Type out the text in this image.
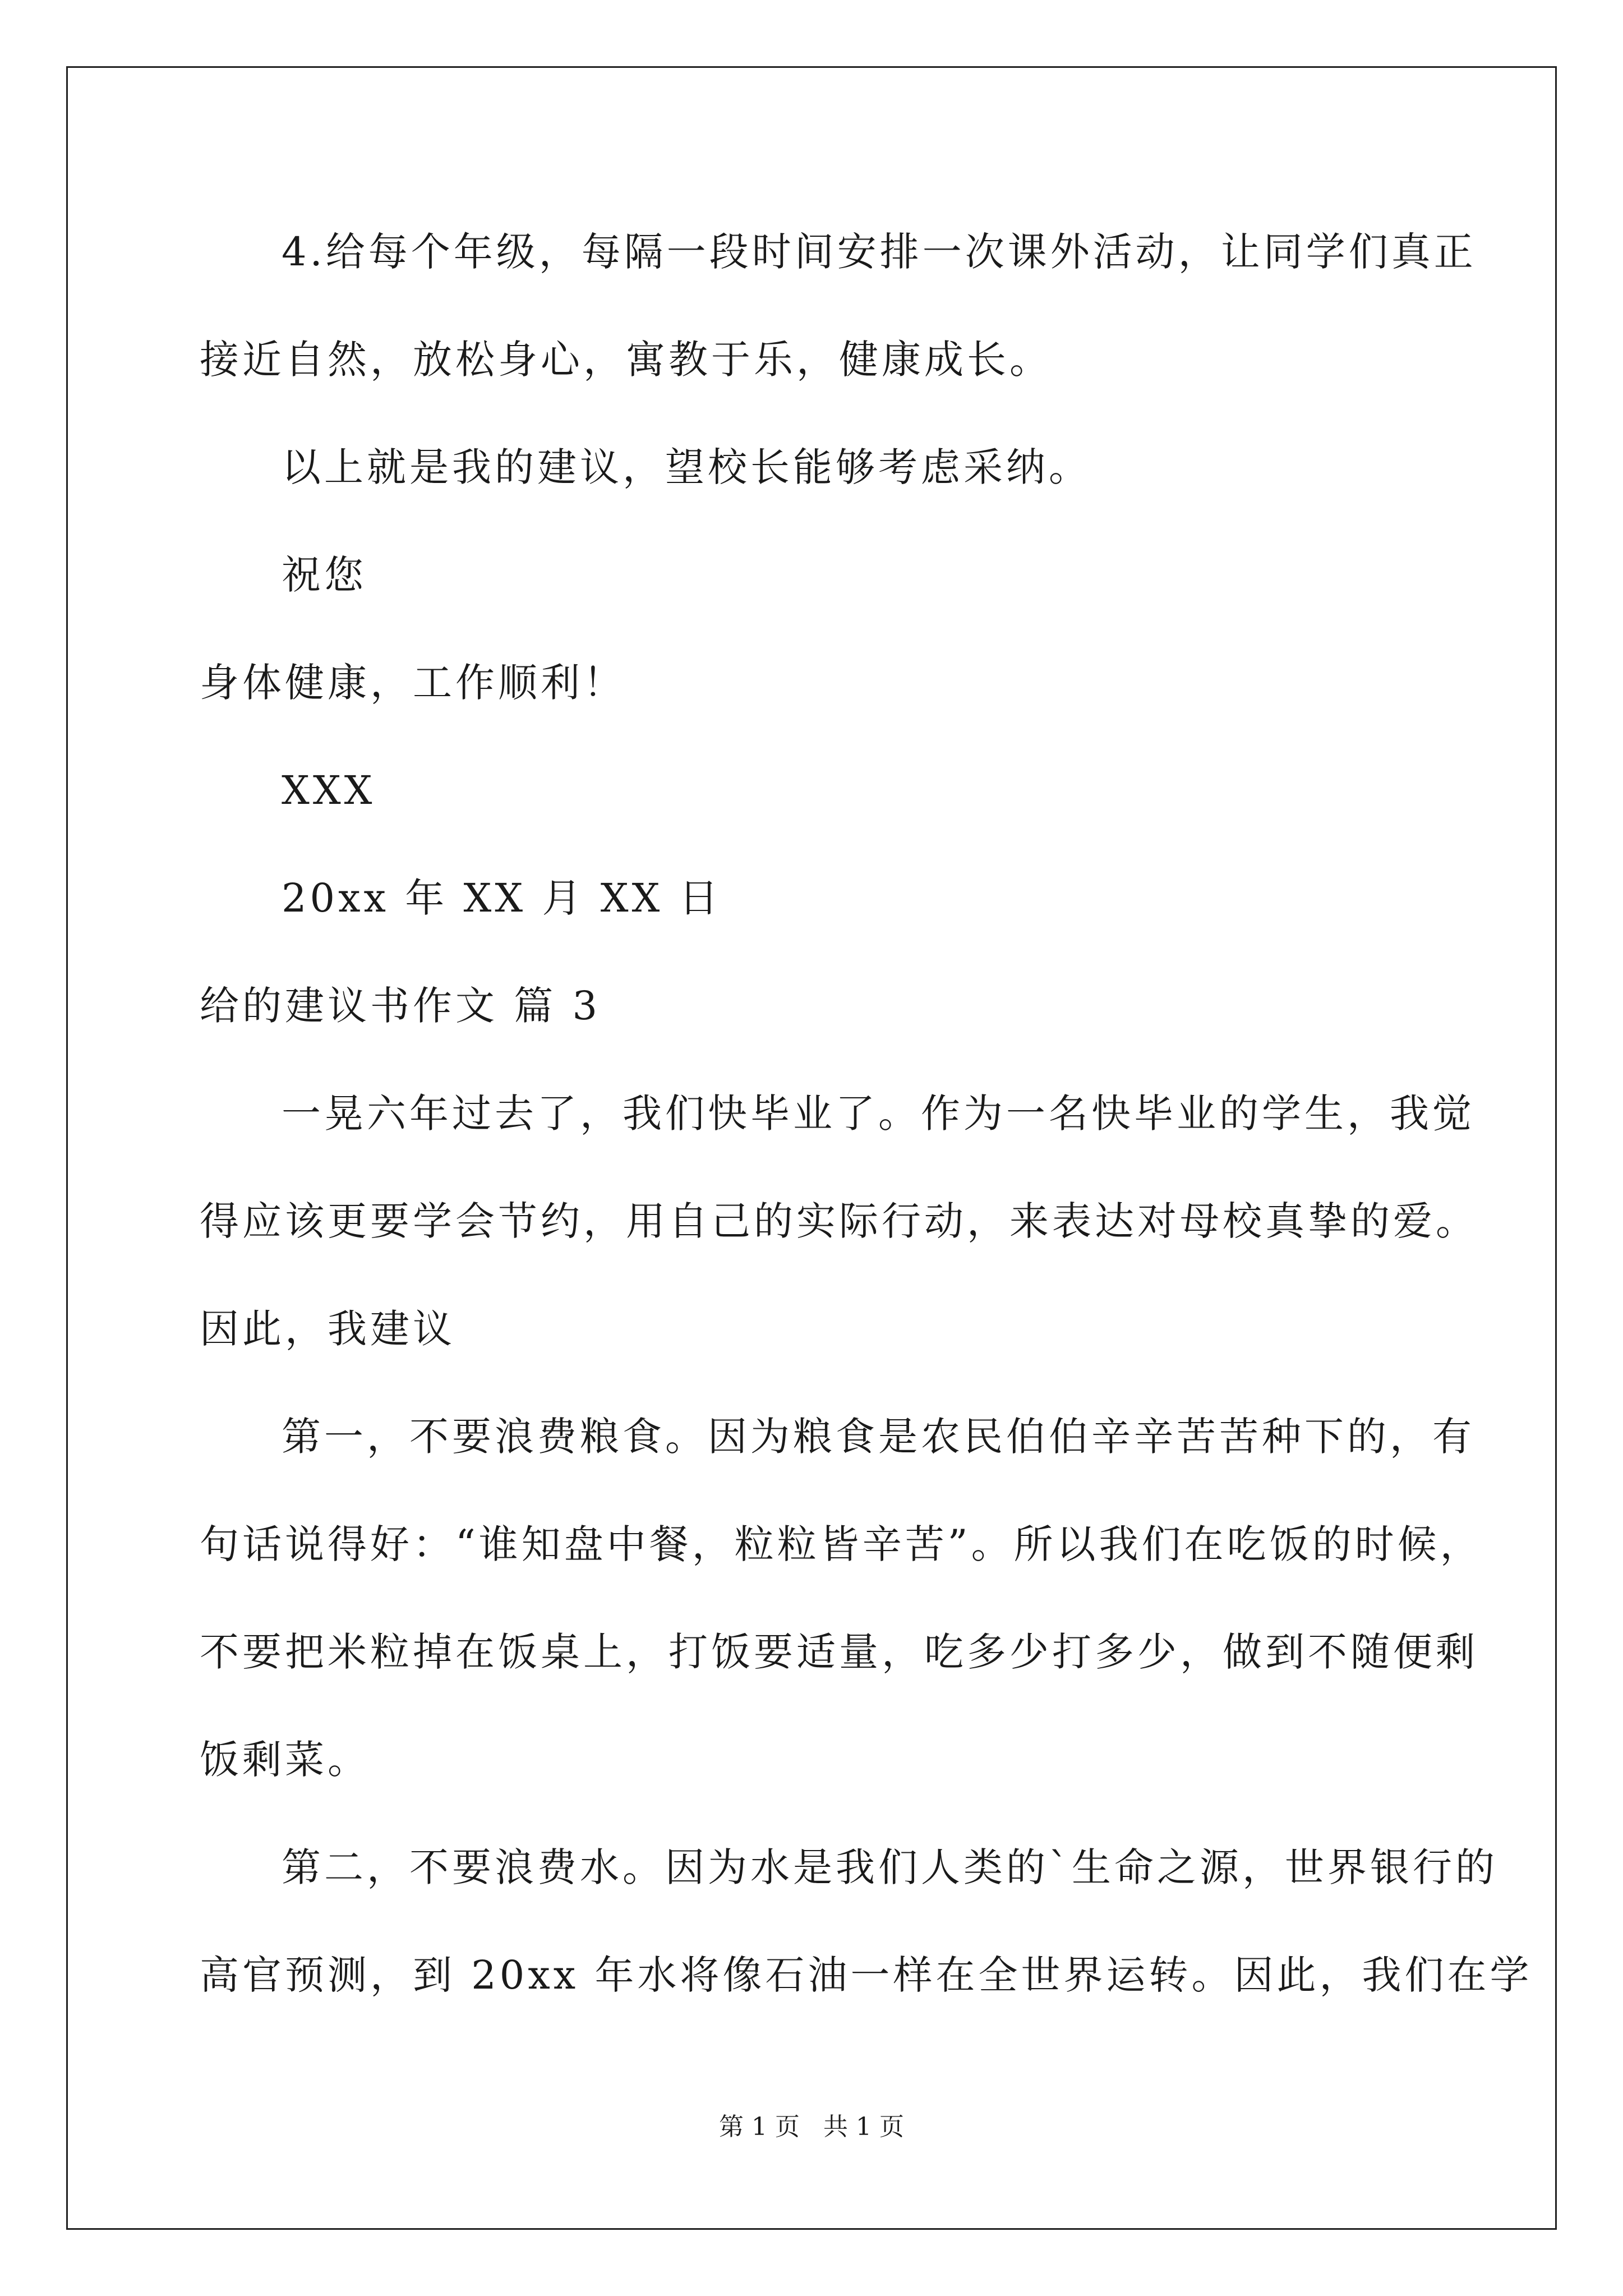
4.给每个年级，每隔一段时间安排一次课外活动，让同学们真正
接近自然，放松身心，寓教于乐，健康成长。
以上就是我的建议，望校长能够考虑采纳。
祝您
身体健康，工作顺利！
XXX
20xx 年 XX 月 XX 日
给的建议书作文 篇 3
一晃六年过去了，我们快毕业了。作为一名快毕业的学生，我觉
得应该更要学会节约，用自己的实际行动，来表达对母校真挚的爱。
因此，我建议
第一，不要浪费粮食。因为粮食是农民伯伯辛辛苦苦种下的，有
句话说得好：“谁知盘中餐，粒粒皆辛苦”。所以我们在吃饭的时候，
不要把米粒掉在饭桌上，打饭要适量，吃多少打多少，做到不随便剩
饭剩菜。
第二，不要浪费水。因为水是我们人类的`生命之源，世界银行的
高官预测，到 20xx 年水将像石油一样在全世界运转。因此，我们在学
第 1 页   共 1 页
